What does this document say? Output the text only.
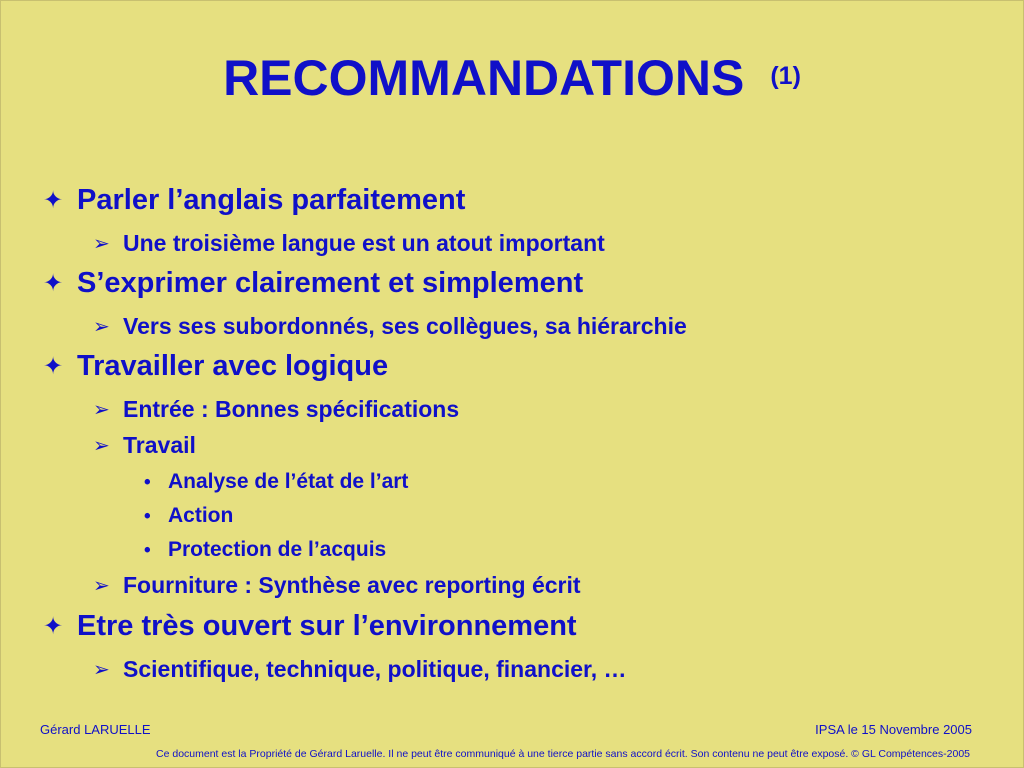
RECOMMANDATIONS $^{(1)}$
✦ Parler l’anglais parfaitement
➢ Une troisième langue est un atout important
✦ S’exprimer clairement et simplement
➢ Vers ses subordonnés, ses collègues, sa hiérarchie
✦ Travailler avec logique
➢ Entrée : Bonnes spécifications
➢ Travail
• Analyse de l’état de l’art
• Action
• Protection de l’acquis
➢ Fourniture : Synthèse avec reporting écrit
✦ Etre très ouvert sur l’environnement
➢ Scientifique, technique, politique, financier, …
Gérard LARUELLE	IPSA le 15 Novembre 2005
Ce document est la Propriété de Gérard Laruelle. Il ne peut être communiqué à une tierce partie sans accord écrit. Son contenu ne peut être exposé. © GL Compétences-2005
